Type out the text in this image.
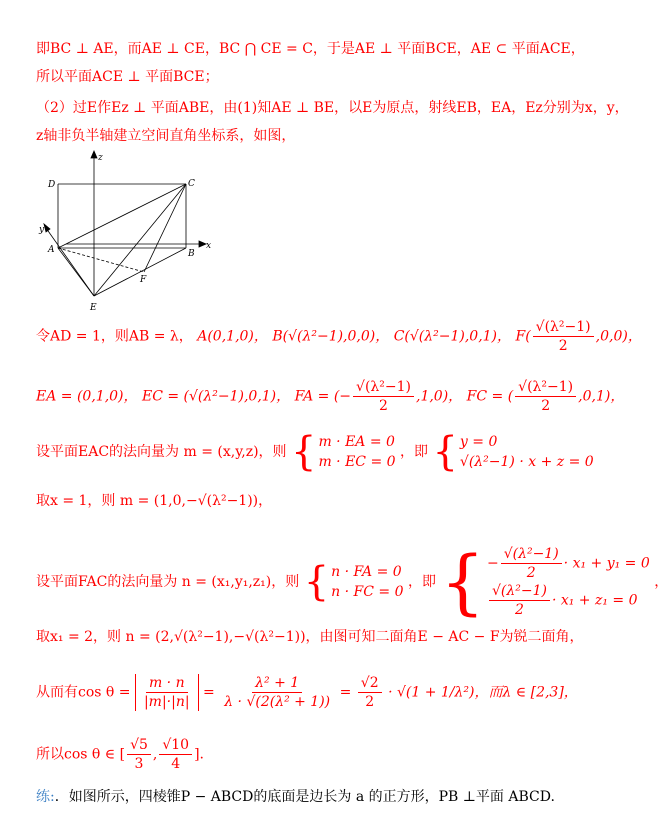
即BC ⊥ AE，而AE ⊥ CE，BC ⋂ CE = C，于是AE ⊥ 平面BCE，AE ⊂ 平面ACE，
所以平面ACE ⊥ 平面BCE；
（2）过E作Ez ⊥ 平面ABE，由(1)知AE ⊥ BE，以E为原点，射线EB，EA，Ez分别为x，y，
z轴非负半轴建立空间直角坐标系，如图，
z
D	C
y
A	B
x
F
E
令AD = 1，则AB = λ， A(0,1,0)， B(√(λ²−1),0,0)， C(√(λ²−1),0,1)， $F( \frac{\text{√(λ²−1)}}{2} ,0,0)$，
EA = (0,1,0)， EC = (√(λ²−1),0,1)， FA = (− $\frac{\text{√(λ²−1)}}{2} ,1,0$)， FC = ( $\frac{\text{√(λ²−1)}}{2} ,0,1$)，
设平面EAC的法向量为 m = (x,y,z)，则 { m · EA = 0
m · EC = 0
，即 { y = 0
√(λ²−1) · x + z = 0
取x = 1，则 m = (1,0,−√(λ²−1))，
设平面FAC的法向量为 n = (x₁,y₁,z₁)，则 { n · FA = 0
n · FC = 0
，即 { − $\frac{\text{√(λ²−1)}}{2} \cdot x_1 + y_1 = 0$
$\frac{\text{√(λ²−1)}}{2} \cdot x_1 + z_1 = 0$
，
取x₁ = 2，则 n = (2,√(λ²−1),−√(λ²−1))，由图可知二面角E − AC − F为锐二面角，
从而有$\cos \theta = \frac{m \cdot n}{|m|\cdot|n|} = \frac{\text{λ² + 1}}{\text{λ · √(2(λ² + 1))}} = \frac{√2}{2} \cdot √(1 + 1/\lambda^2)$，而λ ∈ [2,3]，
所以cos θ ∈ [ $\frac{√5}{3}$ , $\frac{√10}{4}$ ].
练:．如图所示，四棱锥P − ABCD的底面是边长为 a 的正方形，PB ⊥平面 ABCD.
